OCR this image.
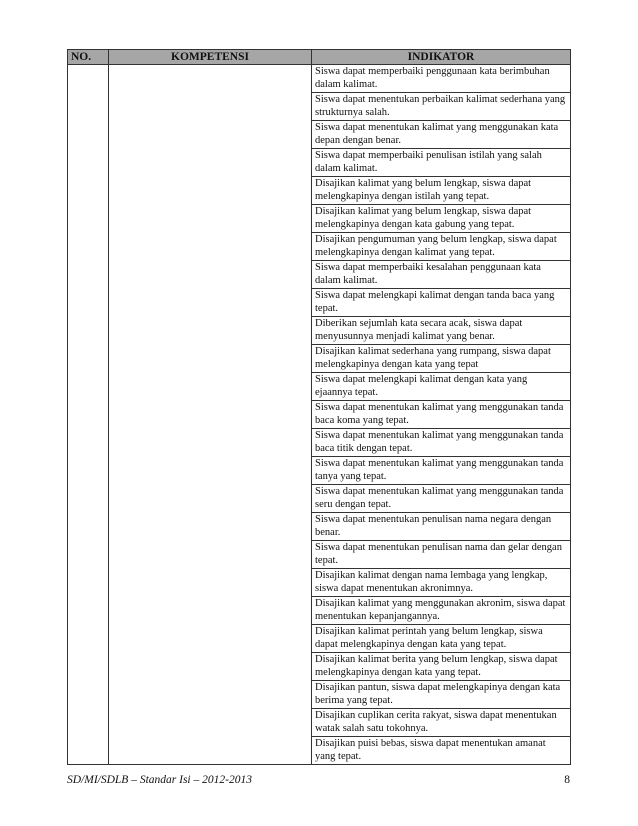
NO.	KOMPETENSI	INDIKATOR
		Siswa dapat memperbaiki penggunaan kata berimbuhan dalam kalimat.
		Siswa dapat menentukan perbaikan kalimat sederhana yang strukturnya salah.
		Siswa dapat menentukan kalimat yang menggunakan kata depan dengan benar.
		Siswa dapat memperbaiki penulisan istilah yang salah dalam kalimat.
		Disajikan kalimat yang belum lengkap, siswa dapat melengkapinya dengan istilah yang tepat.
		Disajikan kalimat yang belum lengkap, siswa dapat melengkapinya dengan kata gabung yang tepat.
		Disajikan pengumuman yang belum lengkap, siswa dapat melengkapinya dengan kalimat yang tepat.
		Siswa dapat memperbaiki kesalahan penggunaan kata dalam kalimat.
		Siswa dapat melengkapi kalimat dengan tanda baca yang tepat.
		Diberikan sejumlah kata secara acak, siswa dapat menyusunnya menjadi kalimat yang benar.
		Disajikan kalimat sederhana yang rumpang, siswa dapat melengkapinya dengan kata yang tepat
		Siswa dapat melengkapi kalimat dengan kata yang ejaannya tepat.
		Siswa dapat menentukan kalimat yang menggunakan tanda baca koma yang tepat.
		Siswa dapat menentukan kalimat yang menggunakan tanda baca titik dengan tepat.
		Siswa dapat menentukan kalimat yang menggunakan tanda tanya yang tepat.
		Siswa dapat menentukan kalimat yang menggunakan tanda seru dengan tepat.
		Siswa dapat menentukan penulisan nama negara dengan benar.
		Siswa dapat menentukan penulisan nama dan gelar dengan tepat.
		Disajikan kalimat dengan nama lembaga yang lengkap, siswa dapat menentukan akronimnya.
		Disajikan kalimat yang menggunakan akronim, siswa dapat menentukan kepanjangannya.
		Disajikan kalimat perintah yang belum lengkap, siswa dapat melengkapinya dengan kata yang tepat.
		Disajikan kalimat berita yang belum lengkap, siswa dapat melengkapinya dengan kata yang tepat.
		Disajikan pantun, siswa dapat melengkapinya dengan kata berima yang tepat.
		Disajikan cuplikan cerita rakyat, siswa dapat menentukan watak salah satu tokohnya.
		Disajikan puisi bebas, siswa dapat menentukan amanat yang tepat.
SD/MI/SDLB – Standar Isi – 2012-2013	8
